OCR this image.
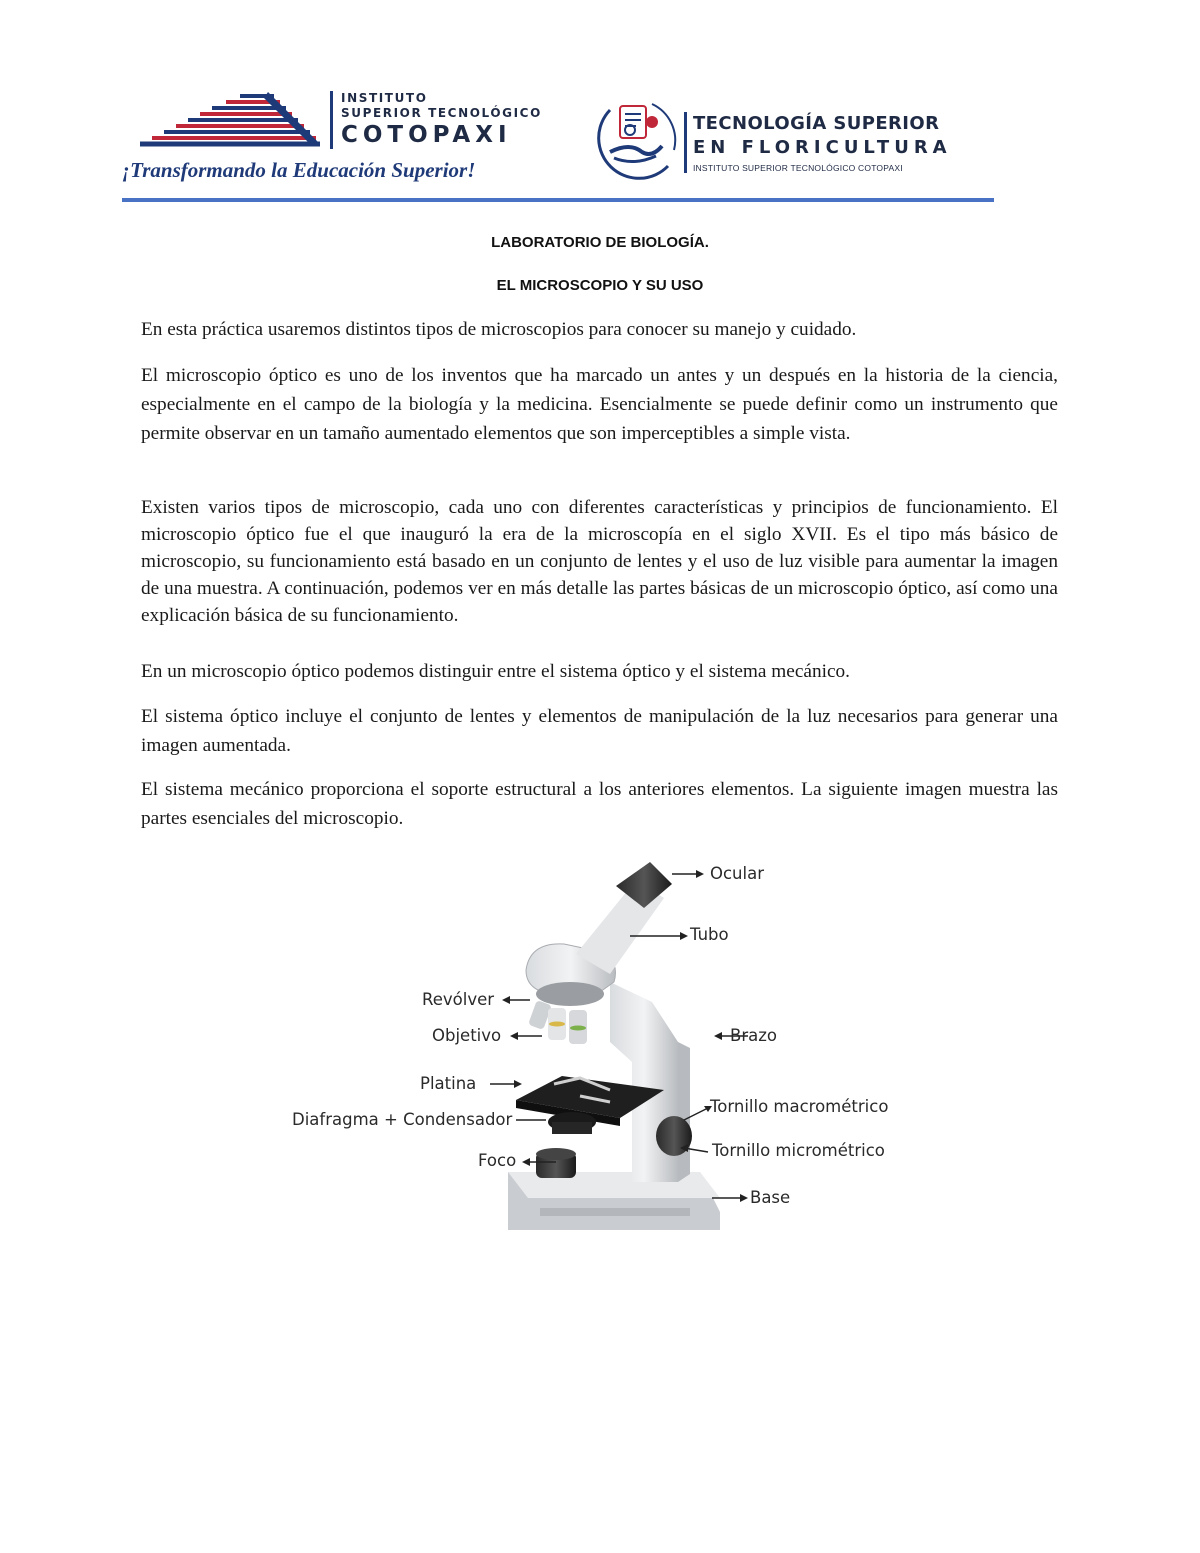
INSTITUTO
SUPERIOR TECNOLÓGICO
COTOPAXI
¡Transformando la Educación Superior!
TECNOLOGÍA SUPERIOR
EN FLORICULTURA
INSTITUTO SUPERIOR TECNOLÓGICO COTOPAXI
LABORATORIO DE BIOLOGÍA.
EL MICROSCOPIO Y SU USO
En esta práctica usaremos distintos tipos de microscopios para conocer su manejo y cuidado.
El microscopio óptico es uno de los inventos que ha marcado un antes y un después en la historia de la ciencia, especialmente en el campo de la biología y la medicina. Esencialmente se puede definir como un instrumento que permite observar en un tamaño aumentado elementos que son imperceptibles a simple vista.
Existen varios tipos de microscopio, cada uno con diferentes características y principios de funcionamiento. El microscopio óptico fue el que inauguró la era de la microscopía en el siglo XVII. Es el tipo más básico de microscopio, su funcionamiento está basado en un conjunto de lentes y el uso de luz visible para aumentar la imagen de una muestra. A continuación, podemos ver en más detalle las partes básicas de un microscopio óptico, así como una explicación básica de su funcionamiento.
En un microscopio óptico podemos distinguir entre el sistema óptico y el sistema mecánico.
El sistema óptico incluye el conjunto de lentes y elementos de manipulación de la luz necesarios para generar una imagen aumentada.
El sistema mecánico proporciona el soporte estructural a los anteriores elementos. La siguiente imagen muestra las partes esenciales del microscopio.
Ocular
Tubo
Revólver
Objetivo	Brazo
Platina
Diafragma + Condensador
Tornillo macrométrico
Tornillo micrométrico
Foco
Base
